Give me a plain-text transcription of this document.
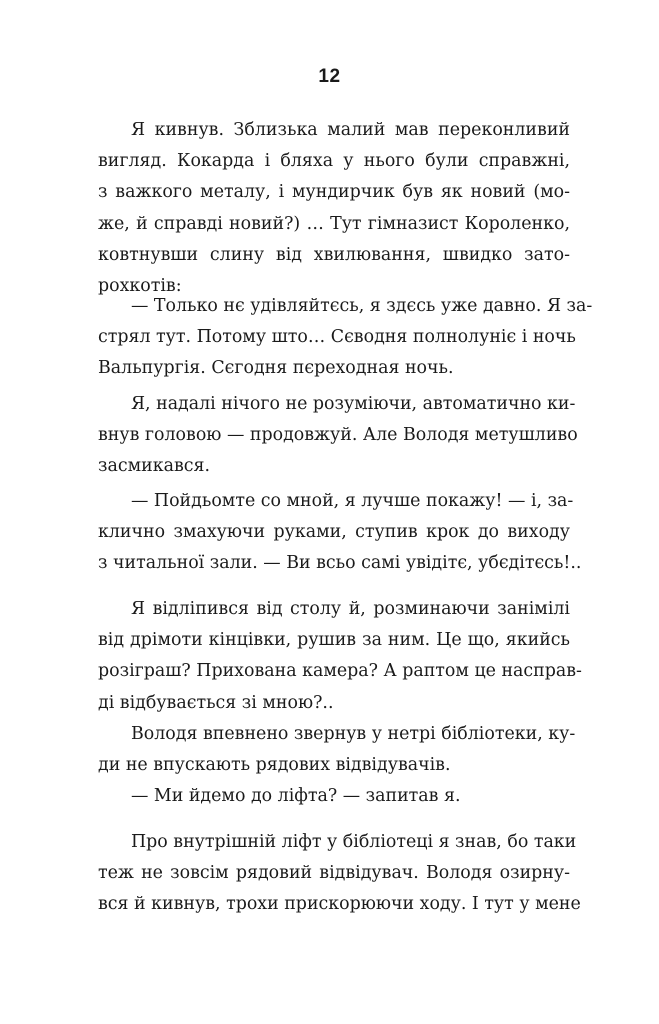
12
Я кивнув. Зблизька малий мав переконливий
вигляд. Кокарда і бляха у нього були справжні,
з важкого металу, і мундирчик був як новий (мо-
же, й справді новий?) … Тут гімназист Короленко,
ковтнувши слину від хвилювання, швидко зато-
рохкотів:
— Только нє удівляйтєсь, я здєсь уже давно. Я за-
стрял тут. Потому што… Сєводня полнолуніє і ночь
Вальпургія. Сєгодня пєреходная ночь.
Я, надалі нічого не розуміючи, автоматично ки-
внув головою — продовжуй. Але Володя метушливо
засмикався.
— Пойдьомте со мной, я лучше покажу! — і, за-
клично змахуючи руками, ступив крок до виходу
з читальної зали. — Ви всьо самі увідітє, убєдітєсь!..
Я відліпився від столу й, розминаючи занімілі
від дрімоти кінцівки, рушив за ним. Це що, якийсь
розіграш? Прихована камера? А раптом це насправ-
ді відбувається зі мною?..
Володя впевнено звернув у нетрі бібліотеки, ку-
ди не впускають рядових відвідувачів.
— Ми йдемо до ліфта? — запитав я.
Про внутрішній ліфт у бібліотеці я знав, бо таки
теж не зовсім рядовий відвідувач. Володя озирну-
вся й кивнув, трохи прискорюючи ходу. І тут у мене
